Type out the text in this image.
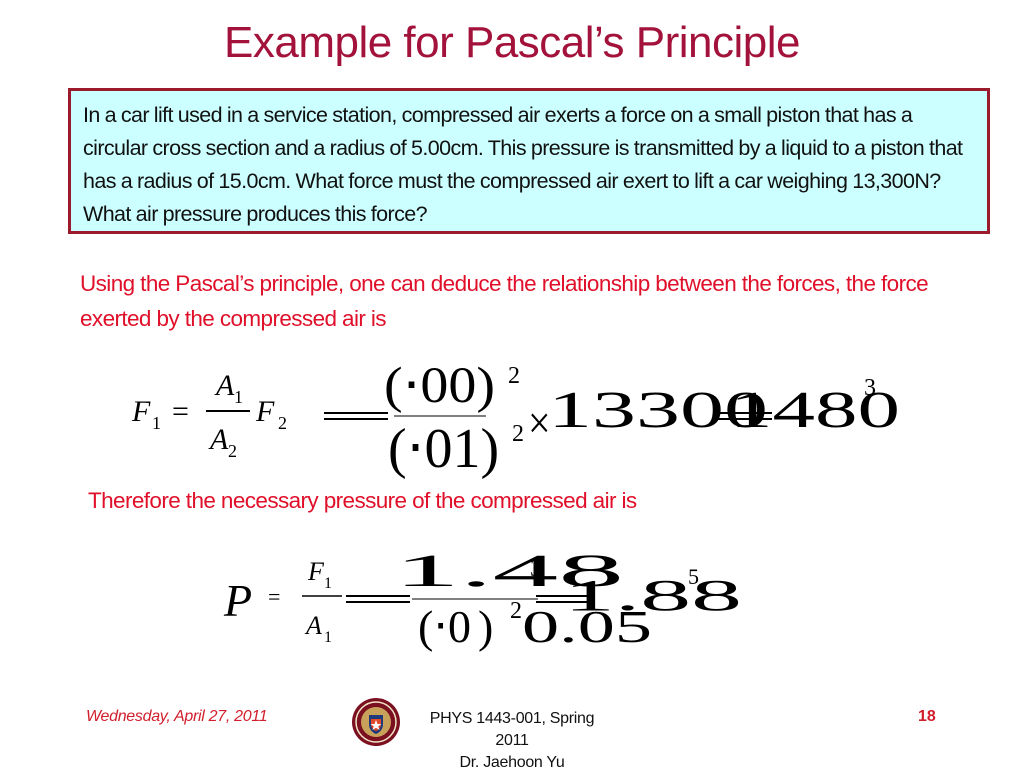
Example for Pascal’s Principle
In a car lift used in a service station, compressed air exerts a force on a small piston that has a circular cross section and a radius of 5.00cm. This pressure is transmitted by a liquid to a piston that has a radius of 15.0cm. What force must the compressed air exert to lift a car weighing 13,300N? What air pressure produces this force?
Using the Pascal’s principle, one can deduce the relationship between the forces, the force exerted by the compressed air is
F 1 =
A 1
A 2
F 2
(⋅00)
(⋅01)
2
2 ×
13300
1480
3
Therefore the necessary pressure of the compressed air is
P =
F 1
A 1
1.48
3
(⋅0 ) 2 0.05
1.88
5
Wednesday, April 27, 2011	PHYS 1443-001, Spring 2011
Dr. Jaehoon Yu
18
